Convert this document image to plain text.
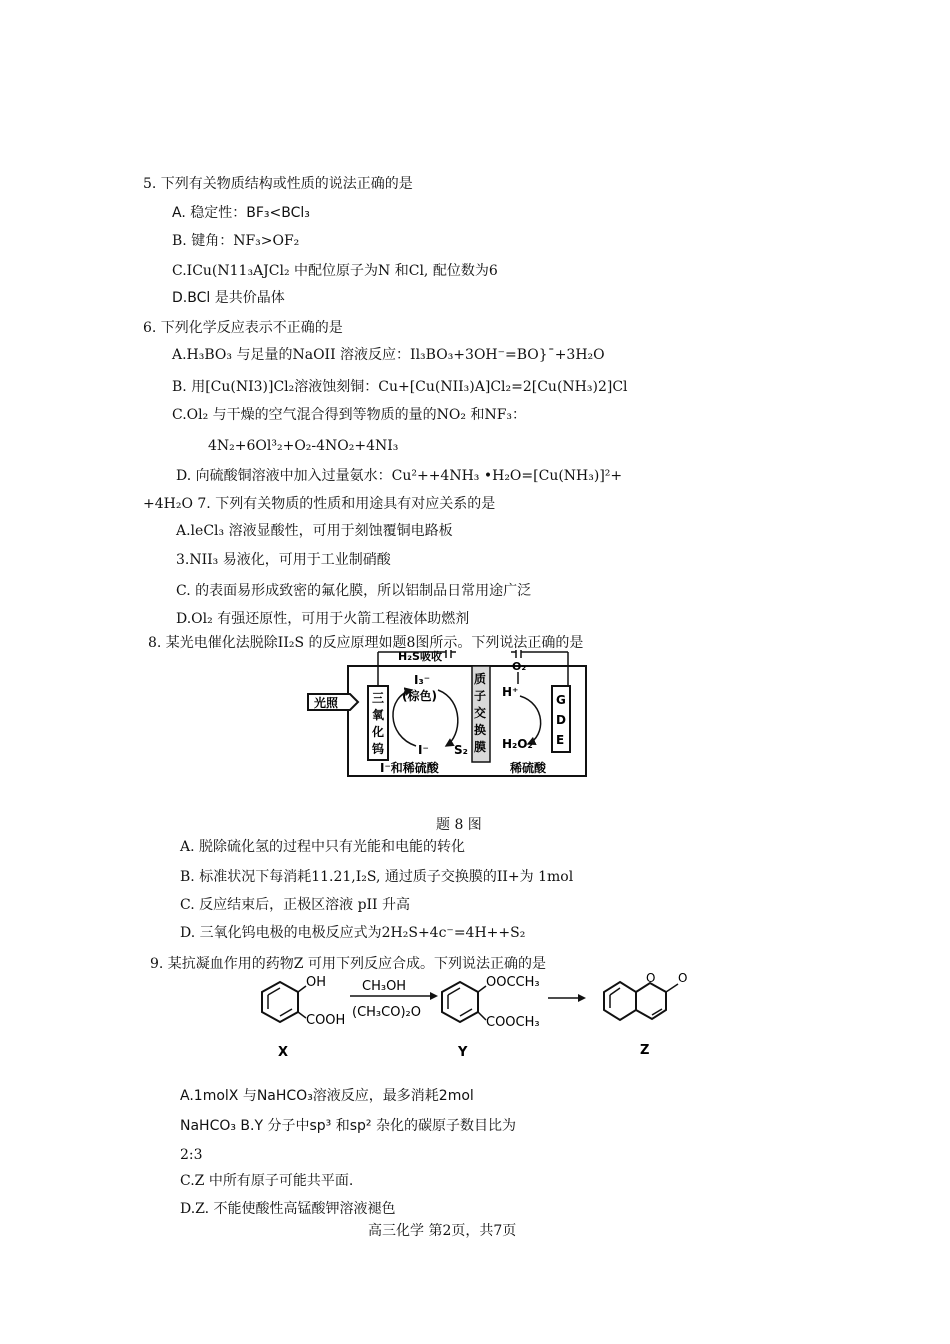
5. 下列有关物质结构或性质的说法正确的是
A. 稳定性：BF₃<BCl₃
B. 键角：NF₃>OF₂
C.ICu(N11₃AJCl₂ 中配位原子为N 和Cl, 配位数为6
D.BCl 是共价晶体
6. 下列化学反应表示不正确的是
A.H₃BO₃ 与足量的NaOII 溶液反应：Il₃BO₃+3OH⁻=BO}¯+3H₂O
B. 用[Cu(NI3)]Cl₂溶液蚀刻铜：Cu+[Cu(NII₃)A]Cl₂=2[Cu(NH₃)2]Cl
C.Ol₂ 与干燥的空气混合得到等物质的量的NO₂ 和NF₃：
4N₂+6Ol³₂+O₂-4NO₂+4NI₃
D. 向硫酸铜溶液中加入过量氨水：Cu²++4NH₃ •H₂O=[Cu(NH₃)]²+
+4H₂O 7. 下列有关物质的性质和用途具有对应关系的是
A.leCl₃ 溶液显酸性，可用于刻蚀覆铜电路板
3.NII₃ 易液化，可用于工业制硝酸
C. 的表面易形成致密的氟化膜，所以铝制品日常用途广泛
D.Ol₂ 有强还原性，可用于火箭工程液体助燃剂
8. 某光电催化法脱除II₂S 的反应原理如题8图所示。下列说法正确的是
光照	三
氧
化
钨
H₂S吸收
I₃⁻
(棕色)
I⁻ S₂
质
子
交
换
膜
O₂
H⁺
H₂O₂
G
D
E
I⁻和稀硫酸	稀硫酸
题 8 图
A. 脱除硫化氢的过程中只有光能和电能的转化
B. 标准状况下每消耗11.21,I₂S, 通过质子交换膜的II+为 1mol
C. 反应结束后，正极区溶液 pII 升高
D. 三氧化钨电极的电极反应式为2H₂S+4c⁻=4H++S₂
9. 某抗凝血作用的药物Z 可用下列反应合成。下列说法正确的是
OH
COOH
X
CH₃OH
(CH₃CO)₂O
OOCCH₃
COOCH₃
Y
O O
Z
A.1molX 与NaHCO₃溶液反应，最多消耗2mol
NaHCO₃ B.Y 分子中sp³ 和sp² 杂化的碳原子数目比为
2:3
C.Z 中所有原子可能共平面.
D.Z. 不能使酸性高锰酸钾溶液褪色
高三化学 第2页，共7页
